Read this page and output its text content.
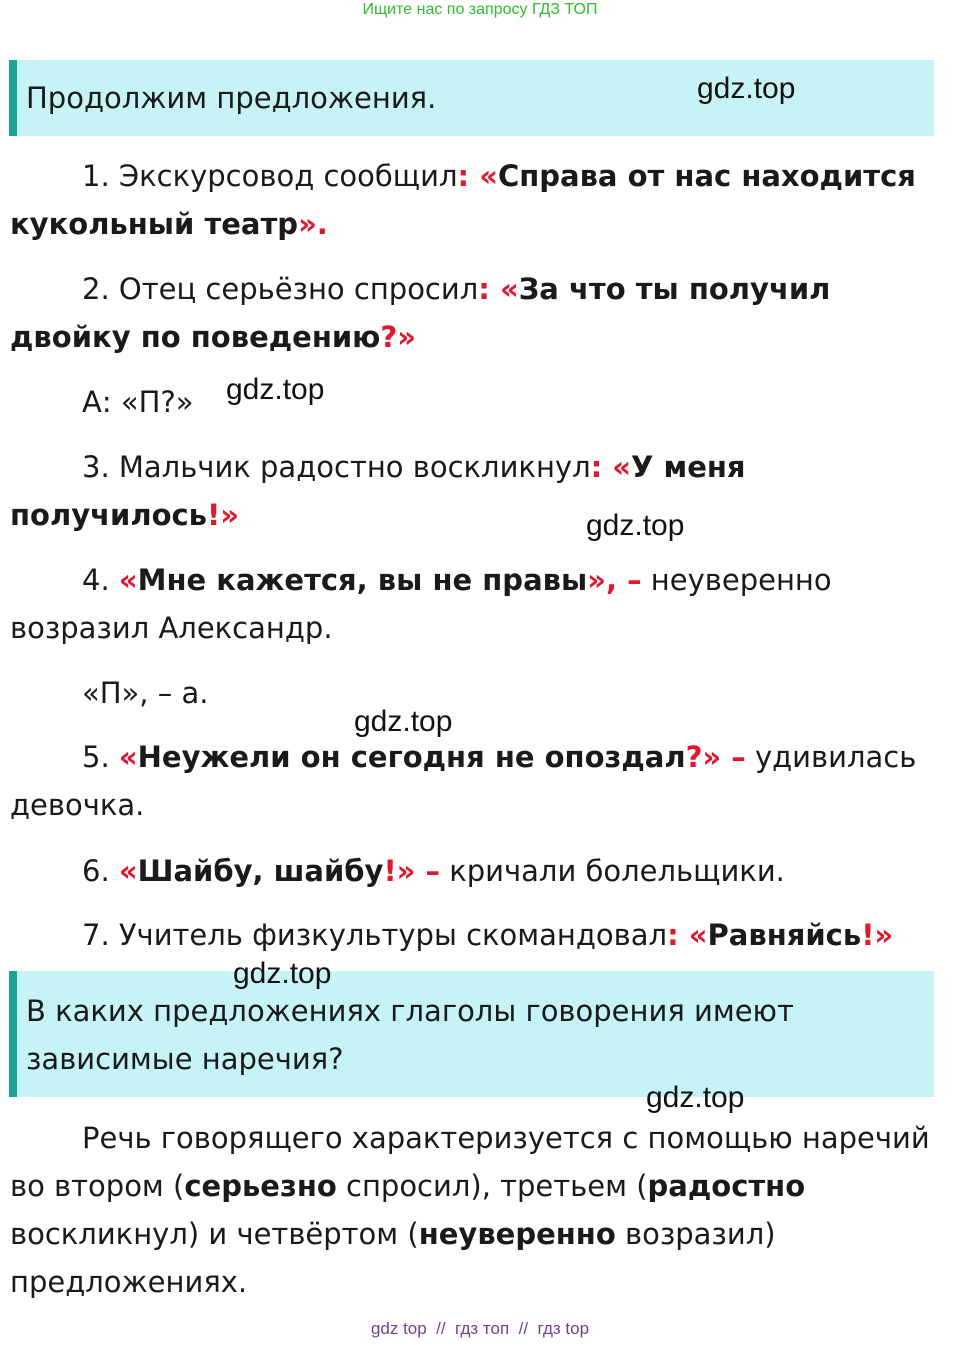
Ищите нас по запросу ГДЗ ТОП
Продолжим предложения.	gdz.top

1. Экскурсовод сообщил: «Справа от нас находится кукольный театр».

2. Отец серьёзно спросил: «За что ты получил двойку по поведению?»

А: «П?»	gdz.top

3. Мальчик радостно воскликнул: «У меня получилось!»	gdz.top

4. «Мне кажется, вы не правы», – неуверенно возразил Александр.

«П», – а.

gdz.top

5. «Неужели он сегодня не опоздал?» – удивилась девочка.

6. «Шайбу, шайбу!» – кричали болельщики.

7. Учитель физкультуры скомандовал: «Равняйсь!»

В каких предложениях глаголы говорения имеют зависимые наречия?
gdz.top
gdz.top

Речь говорящего характеризуется с помощью наречий во втором (серьезно спросил), третьем (радостно воскликнул) и четвёртом (неуверенно возразил) предложениях.

gdz top  //  гдз топ  //  гдз top
